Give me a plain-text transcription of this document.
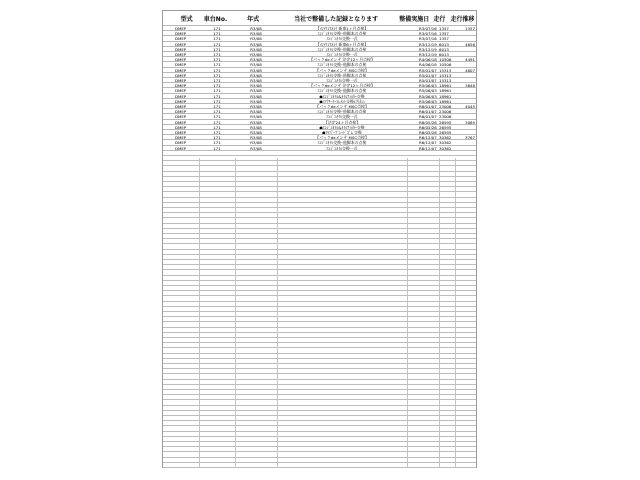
型式	車台No.	年式	当社で整備した記録となります	整備実施日 走行 走行推移
DMEP	171	R3/08	【ﾒﾝﾃﾅﾝｽﾒﾝﾃ 新車1ヶ月点検】	R3/07/16 1357	1357
DMEP	171	R3/08	ｴﾝｼﾞﾝｵｲﾙ交換･他脚本の点検	R3/07/16 1357
DMEP	171	R3/08	ｴﾝｼﾞﾝｵｲﾙ交換一式	R3/07/16 1357
DMEP	171	R3/08	【ﾒﾝﾃﾅﾝｽﾒﾝﾃ 新車6ヶ月点検】	R3/12/19 6013	4656
DMEP	171	R3/08	ｴﾝｼﾞﾝｵｲﾙ交換･他脚本の点検	R3/12/19 6013
DMEP	171	R3/08	ｴﾝｼﾞﾝｵｲﾙ交換一式	R3/12/19 6013
DMEP	171	R3/08	【パックdeメンテ 法定12ヶ月点検】	R4/06/18 10506	4491
DMEP	171	R3/08	ｴﾝｼﾞﾝｵｲﾙ交換･他脚本の点検	R4/06/18 10506
DMEP	171	R3/08	【パックdeメンテ MSC点検】	R5/01/07 15313	4807
DMEP	171	R3/08	ｴﾝｼﾞﾝｵｲﾙ交換･他脚本の点検	R5/01/07 15313
DMEP	171	R3/08	ｴﾝｼﾞﾝｵｲﾙ交換一式	R5/01/07 15313
DMEP	171	R3/08	【パックdeメンテ 法定12ヶ月点検】	R5/06/03 18961	3648
DMEP	171	R3/08	ｴﾝｼﾞﾝｵｲﾙ交換･他脚本の点検	R5/06/03 18961
DMEP	171	R3/08	●ｴﾝｼﾞﾝｵｲﾙ&ｵｲﾙﾌｨﾙﾀｰ交換	R5/06/03 18961
DMEP	171	R3/08	●ｴｱｸﾘｰﾅｰｴﾚﾒﾝﾄ交換(汚れ)	R5/06/03 18961
DMEP	171	R3/08	【パックdeメンテ MSC点検】	R6/01/07 23006	4045
DMEP	171	R3/08	ｴﾝｼﾞﾝｵｲﾙ交換･他脚本の点検	R6/01/07 23006
DMEP	171	R3/08	ｴﾝｼﾞﾝｵｲﾙ交換一式	R6/01/07 23006
DMEP	171	R3/08	【法定24ヶ月点検】	R6/05/26 26595	3089
DMEP	171	R3/08	●ｴﾝｼﾞﾝｵｲﾙ&ｵｲﾙﾌｨﾙﾀｰ交換	R6/05/26 26595
DMEP	171	R3/08	●ﾜｲﾊﾟｰﾌﾞﾚｰﾄﾞｺﾞﾑ 交換	R6/05/26 26595
DMEP	171	R3/08	【パックdeメンテ MSC点検】	R6/12/07 30362	3767
DMEP	171	R3/08	ｴﾝｼﾞﾝｵｲﾙ交換･他脚本の点検	R6/12/07 30362
DMEP	171	R3/08	ｴﾝｼﾞﾝｵｲﾙ交換一式	R6/12/07 30362
